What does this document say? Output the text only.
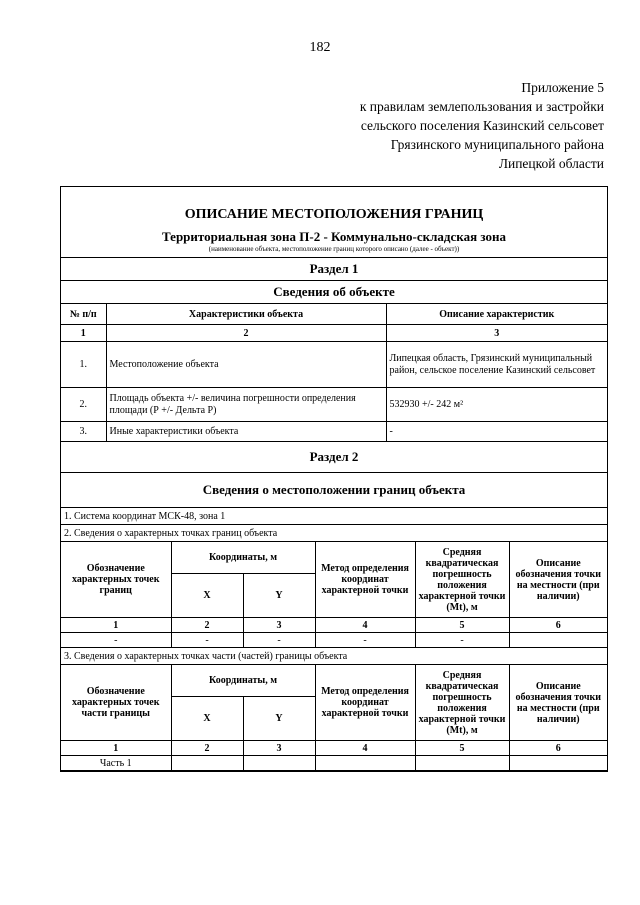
182
Приложение 5
к правилам землепользования и застройки
сельского поселения Казинский сельсовет
Грязинского муниципального района
Липецкой области
ОПИСАНИЕ МЕСТОПОЛОЖЕНИЯ ГРАНИЦ
Территориальная зона П-2 - Коммунально-складская зона
(наименование объекта, местоположение границ которого описано (далее - объект))
Раздел 1
Сведения об объекте
№ п/п	Характеристики объекта	Описание характеристик
1	2	3
1.	Местоположение объекта	Липецкая область, Грязинский муниципальный район, сельское поселение Казинский сельсовет
2.	Площадь объекта +/- величина погрешности определения площади (Р +/- Дельта Р)	532930 +/- 242 м²
3.	Иные характеристики объекта	-
Раздел 2
Сведения о местоположении границ объекта
1. Система координат МСК-48, зона 1
2. Сведения о характерных точках границ объекта
Обозначение характерных точек границ	Координаты, м		Метод определения координат характерной точки	Средняя квадратическая погрешность положения характерной точки (Mt), м	Описание обозначения точки на местности (при наличии)
	X	Y			
1	2	3	4	5	6
-	-	-	-	-	
3. Сведения о характерных точках части (частей) границы объекта
Обозначение характерных точек части границы	Координаты, м		Метод определения координат характерной точки	Средняя квадратическая погрешность положения характерной точки (Mt), м	Описание обозначения точки на местности (при наличии)
	X	Y			
1	2	3	4	5	6
Часть 1					
